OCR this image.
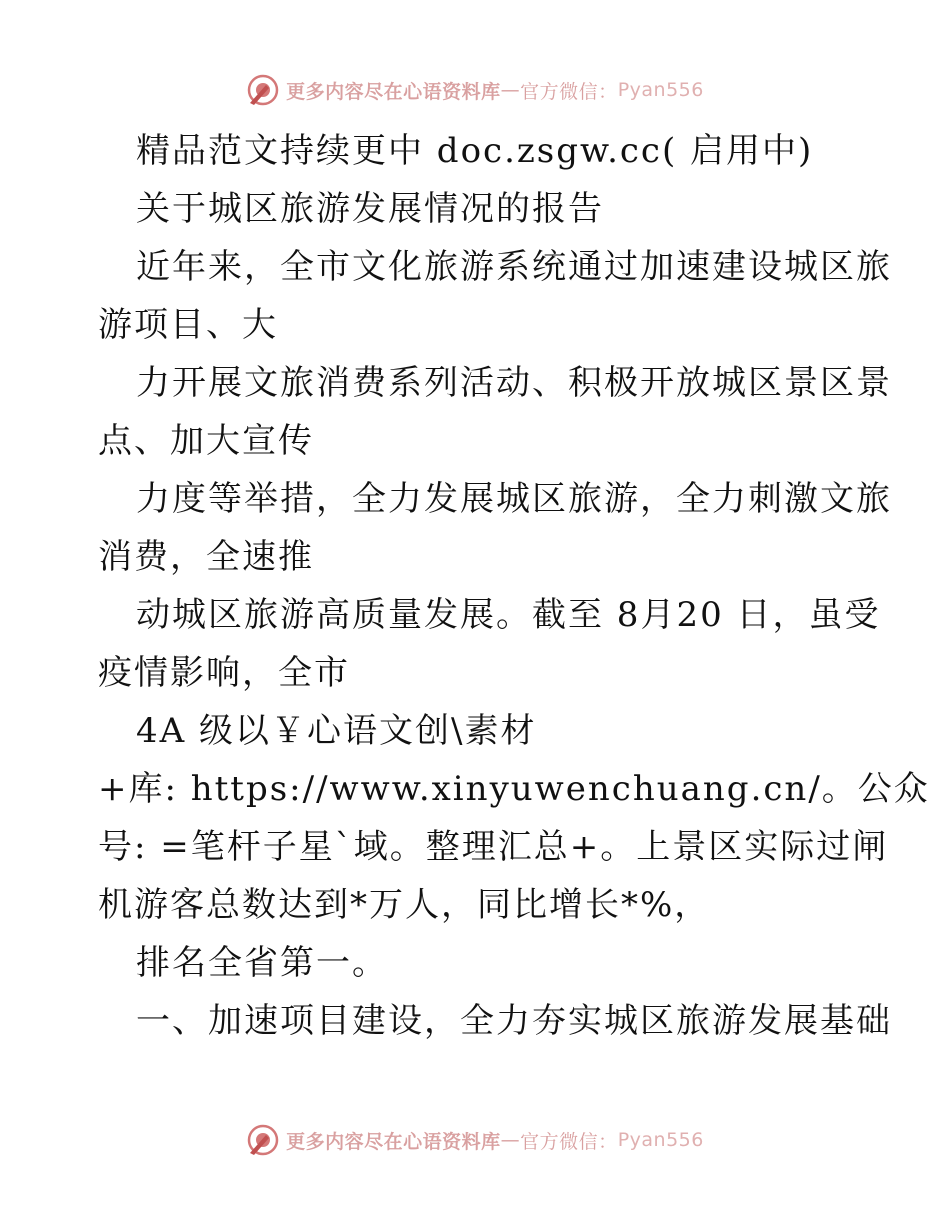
更多内容尽在心语资料库 — 官方微信： Pyan556
精品范文持续更中 doc.zsgw.cc( 启用中)
关于城区旅游发展情况的报告
近年来，全市文化旅游系统通过加速建设城区旅
游项目、大
力开展文旅消费系列活动、积极开放城区景区景
点、加大宣传
力度等举措，全力发展城区旅游，全力刺激文旅
消费，全速推
动城区旅游高质量发展。截至 8月20 日，虽受
疫情影响，全市
4A 级以￥心语文创\素材
+库: https://www.xinyuwenchuang.cn/。公众
号: =笔杆子星`域。整理汇总+。上景区实际过闸
机游客总数达到*万人，同比增长*%，
排名全省第一。
一、加速项目建设，全力夯实城区旅游发展基础
更多内容尽在心语资料库 — 官方微信： Pyan556
